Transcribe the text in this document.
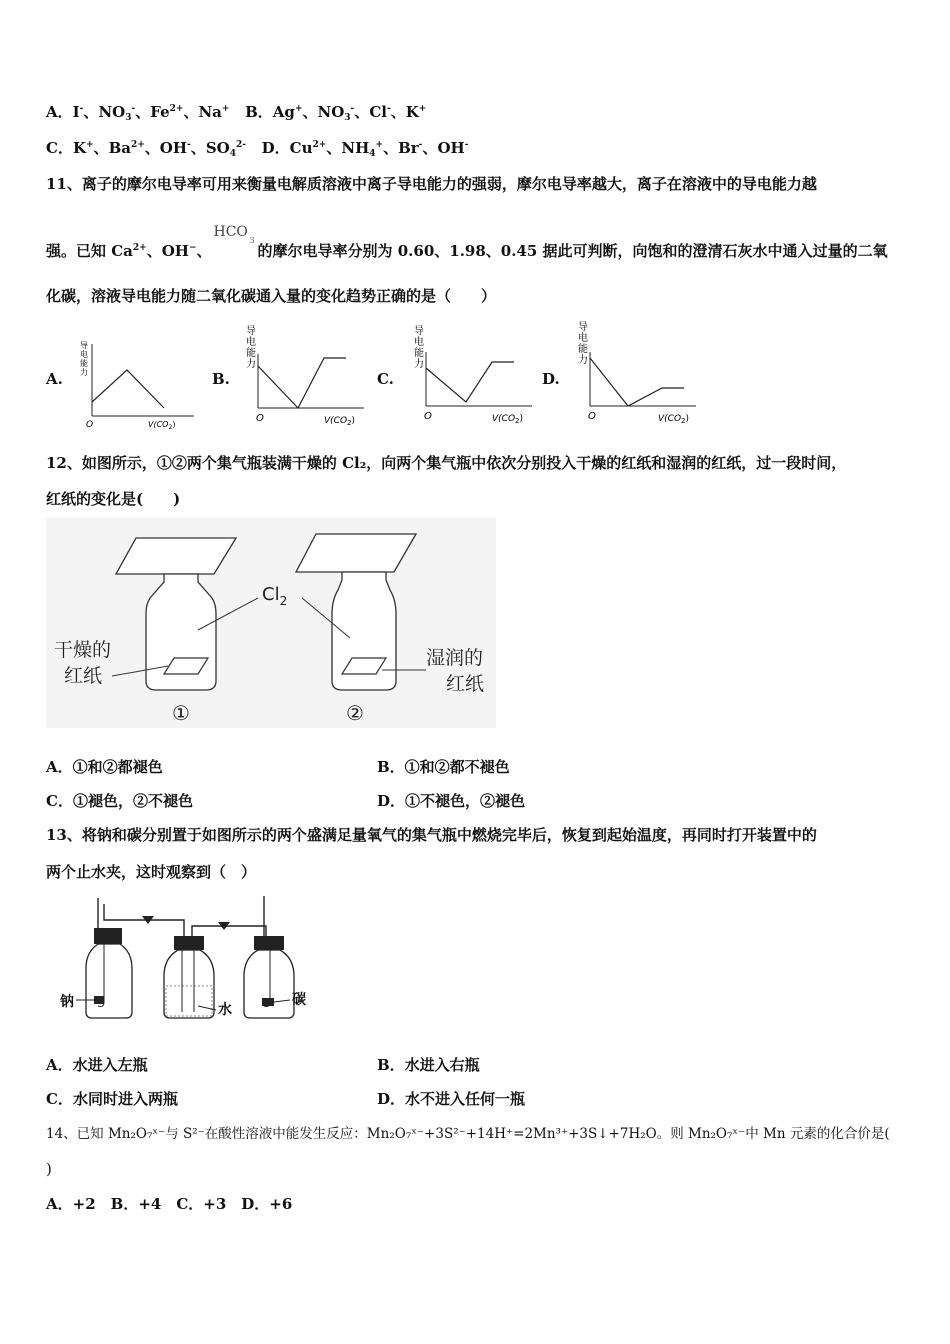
A．I-、$NO_3^-$、$Fe^{2+}$、Na+ B．Ag+、$NO_3^-$、Cl-、K+
C．K+、$Ba^{2+}$、OH-、$SO_4^{2-}$ D．$Cu^{2+}$、$NH_4^+$、Br-、OH-
11、离子的摩尔电导率可用来衡量电解质溶液中离子导电能力的强弱，摩尔电导率越大，离子在溶液中的导电能力越
强。已知 $Ca^{2+}$、OH−、
HCO
3
的摩尔电导率分别为 0.60、1.98、0.45 据此可判断，向饱和的澄清石灰水中通入过量的二氧
化碳，溶液导电能力随二氧化碳通入量的变化趋势正确的是（　　）
A.	B.	C.	D.
导
电
能
力
O	$V(CO_2)$
导
电
能
力
O	$V(CO_2)$
导
电
能
力
O	$V(CO_2)$
导
电
能
力
O	$V(CO_2)$
12、如图所示，①②两个集气瓶装满干燥的 Cl₂，向两个集气瓶中依次分别投入干燥的红纸和湿润的红纸，过一段时间，
红纸的变化是(　　)
$Cl_2$
干燥的
红纸
湿润的
红纸
①	②
A．①和②都褪色	B．①和②都不褪色
C．①褪色，②不褪色	D．①不褪色，②褪色
13、将钠和碳分别置于如图所示的两个盛满足量氧气的集气瓶中燃烧完毕后，恢复到起始温度，再同时打开装置中的
两个止水夹，这时观察到（　）
钠	水
碳
A．水进入左瓶	B．水进入右瓶
C．水同时进入两瓶	D．水不进入任何一瓶
14、已知 Mn₂O₇ˣ⁻与 S²⁻在酸性溶液中能发生反应：Mn₂O₇ˣ⁻+3S²⁻+14H⁺=2Mn³⁺+3S↓+7H₂O。则 Mn₂O₇ˣ⁻中 Mn 元素的化合价是(
)
A．+2　B．+4　C．+3　D．+6
